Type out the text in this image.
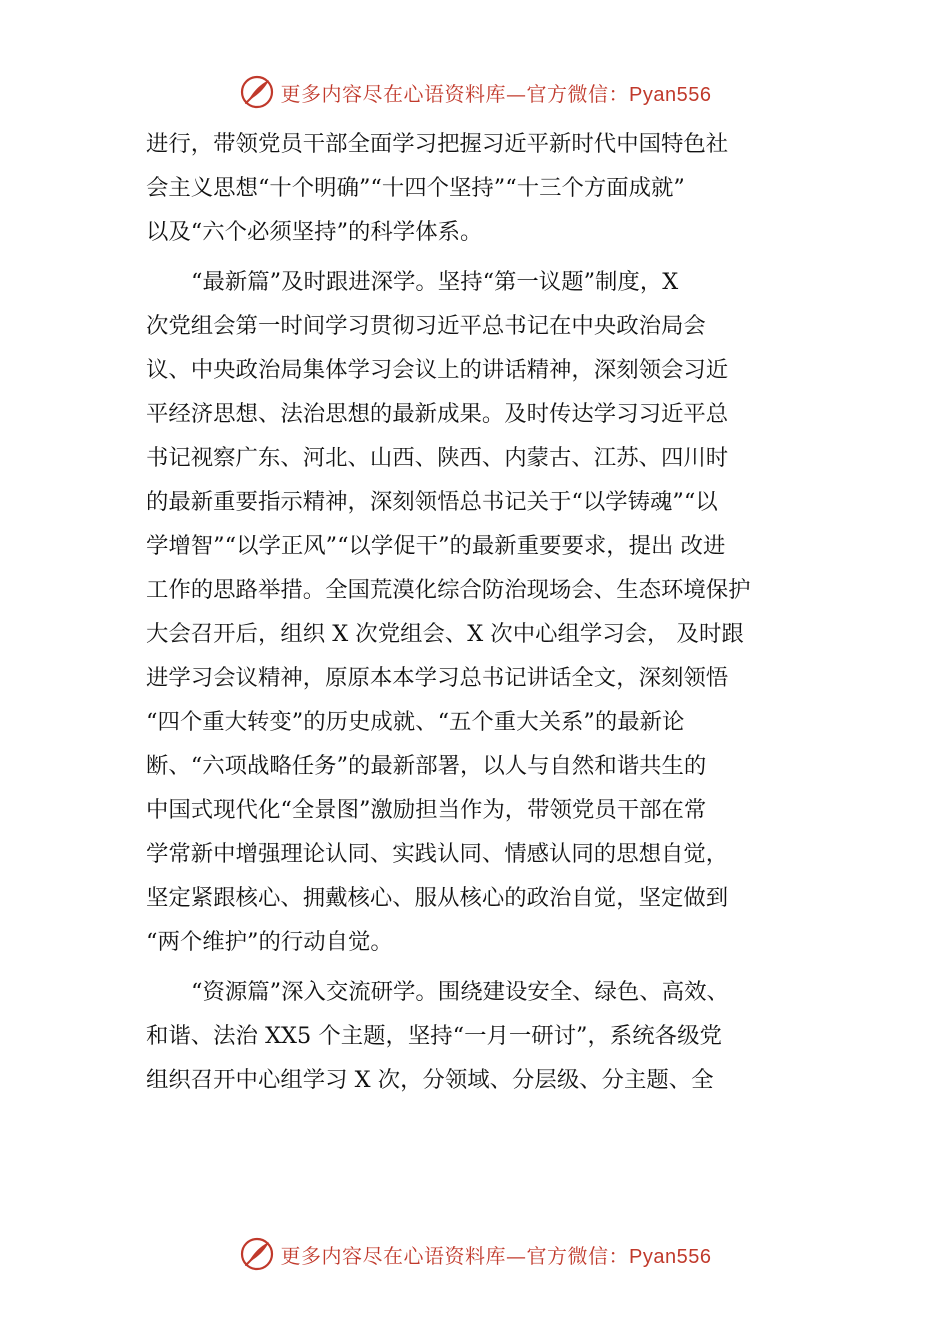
更多内容尽在心语资料库—官方微信：Pyan556
进行，带领党员干部全面学习把握习近平新时代中国特色社
会主义思想“十个明确”“十四个坚持”“十三个方面成就”
以及“六个必须坚持”的科学体系。
“最新篇”及时跟进深学。坚持“第一议题”制度，X
次党组会第一时间学习贯彻习近平总书记在中央政治局会
议、中央政治局集体学习会议上的讲话精神，深刻领会习近
平经济思想、法治思想的最新成果。及时传达学习习近平总
书记视察广东、河北、山西、陕西、内蒙古、江苏、四川时
的最新重要指示精神，深刻领悟总书记关于“以学铸魂”“以
学增智”“以学正风”“以学促干”的最新重要要求，提出 改进
工作的思路举措。全国荒漠化综合防治现场会、生态环境保护
大会召开后，组织 X 次党组会、X 次中心组学习会， 及时跟
进学习会议精神，原原本本学习总书记讲话全文，深刻领悟
“四个重大转变”的历史成就、“五个重大关系”的最新论
断、“六项战略任务”的最新部署，以人与自然和谐共生的
中国式现代化“全景图”激励担当作为，带领党员干部在常
学常新中增强理论认同、实践认同、情感认同的思想自觉，
坚定紧跟核心、拥戴核心、服从核心的政治自觉，坚定做到
“两个维护”的行动自觉。
“资源篇”深入交流研学。围绕建设安全、绿色、高效、
和谐、法治 XX5 个主题，坚持“一月一研讨”，系统各级党
组织召开中心组学习 X 次，分领域、分层级、分主题、全
更多内容尽在心语资料库—官方微信：Pyan556
